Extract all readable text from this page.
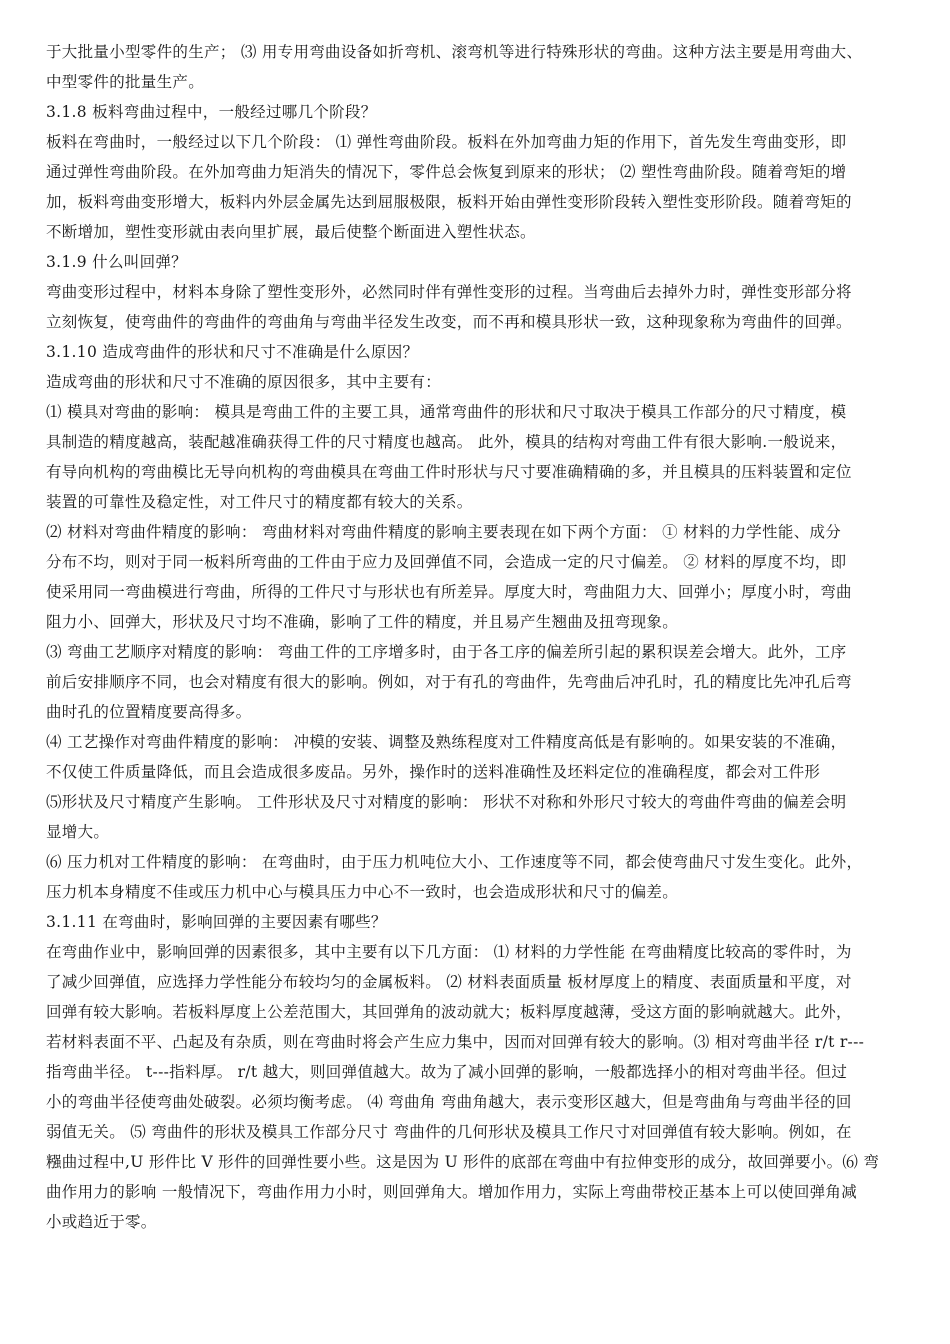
于大批量小型零件的生产； ⑶ 用专用弯曲设备如折弯机、滚弯机等进行特殊形状的弯曲。这种方法主要是用弯曲大、
中型零件的批量生产。
3.1.8 板料弯曲过程中，一般经过哪几个阶段？
板料在弯曲时，一般经过以下几个阶段： ⑴ 弹性弯曲阶段。板料在外加弯曲力矩的作用下，首先发生弯曲变形，即
通过弹性弯曲阶段。在外加弯曲力矩消失的情况下，零件总会恢复到原来的形状； ⑵ 塑性弯曲阶段。随着弯矩的增
加，板料弯曲变形增大，板料内外层金属先达到屈服极限，板料开始由弹性变形阶段转入塑性变形阶段。随着弯矩的
不断增加，塑性变形就由表向里扩展，最后使整个断面进入塑性状态。
3.1.9 什么叫回弹？
弯曲变形过程中，材料本身除了塑性变形外，必然同时伴有弹性变形的过程。当弯曲后去掉外力时，弹性变形部分将
立刻恢复，使弯曲件的弯曲件的弯曲角与弯曲半径发生改变，而不再和模具形状一致，这种现象称为弯曲件的回弹。
3.1.10 造成弯曲件的形状和尺寸不准确是什么原因？
造成弯曲的形状和尺寸不准确的原因很多，其中主要有：
⑴ 模具对弯曲的影响： 模具是弯曲工件的主要工具，通常弯曲件的形状和尺寸取决于模具工作部分的尺寸精度，模
具制造的精度越高，装配越准确获得工件的尺寸精度也越高。 此外，模具的结构对弯曲工件有很大影响.一般说来，
有导向机构的弯曲模比无导向机构的弯曲模具在弯曲工件时形状与尺寸要准确精确的多，并且模具的压料装置和定位
装置的可靠性及稳定性，对工件尺寸的精度都有较大的关系。
⑵ 材料对弯曲件精度的影响： 弯曲材料对弯曲件精度的影响主要表现在如下两个方面： ① 材料的力学性能、成分
分布不均，则对于同一板料所弯曲的工件由于应力及回弹值不同，会造成一定的尺寸偏差。 ② 材料的厚度不均，即
使采用同一弯曲模进行弯曲，所得的工件尺寸与形状也有所差异。厚度大时，弯曲阻力大、回弹小；厚度小时，弯曲
阻力小、回弹大，形状及尺寸均不准确，影响了工件的精度，并且易产生翘曲及扭弯现象。
⑶ 弯曲工艺顺序对精度的影响： 弯曲工件的工序增多时，由于各工序的偏差所引起的累积误差会增大。此外，工序
前后安排顺序不同，也会对精度有很大的影响。例如，对于有孔的弯曲件，先弯曲后冲孔时，孔的精度比先冲孔后弯
曲时孔的位置精度要高得多。
⑷ 工艺操作对弯曲件精度的影响： 冲模的安装、调整及熟练程度对工件精度高低是有影响的。如果安装的不准确，
不仅使工件质量降低，而且会造成很多废品。另外，操作时的送料准确性及坯料定位的准确程度，都会对工件形
⑸形状及尺寸精度产生影响。 工件形状及尺寸对精度的影响： 形状不对称和外形尺寸较大的弯曲件弯曲的偏差会明
显增大。
⑹ 压力机对工件精度的影响： 在弯曲时，由于压力机吨位大小、工作速度等不同，都会使弯曲尺寸发生变化。此外，
压力机本身精度不佳或压力机中心与模具压力中心不一致时，也会造成形状和尺寸的偏差。
3.1.11 在弯曲时，影响回弹的主要因素有哪些？
在弯曲作业中，影响回弹的因素很多，其中主要有以下几方面： ⑴ 材料的力学性能 在弯曲精度比较高的零件时，为
了减少回弹值，应选择力学性能分布较均匀的金属板料。 ⑵ 材料表面质量 板材厚度上的精度、表面质量和平度，对
回弹有较大影响。若板料厚度上公差范围大，其回弹角的波动就大；板料厚度越薄，受这方面的影响就越大。此外，
若材料表面不平、凸起及有杂质，则在弯曲时将会产生应力集中，因而对回弹有较大的影响。⑶ 相对弯曲半径 r/t r---
指弯曲半径。 t---指料厚。 r/t 越大，则回弹值越大。故为了减小回弹的影响，一般都选择小的相对弯曲半径。但过
小的弯曲半径使弯曲处破裂。必须均衡考虑。 ⑷ 弯曲角 弯曲角越大，表示变形区越大，但是弯曲角与弯曲半径的回
弱值无关。 ⑸ 弯曲件的形状及模具工作部分尺寸 弯曲件的几何形状及模具工作尺寸对回弹值有较大影响。例如，在
糨曲过程中,U 形件比 V 形件的回弹性要小些。这是因为 U 形件的底部在弯曲中有拉伸变形的成分，故回弹要小。⑹ 弯
曲作用力的影响 一般情况下，弯曲作用力小时，则回弹角大。增加作用力，实际上弯曲带校正基本上可以使回弹角减
小或趋近于零。
